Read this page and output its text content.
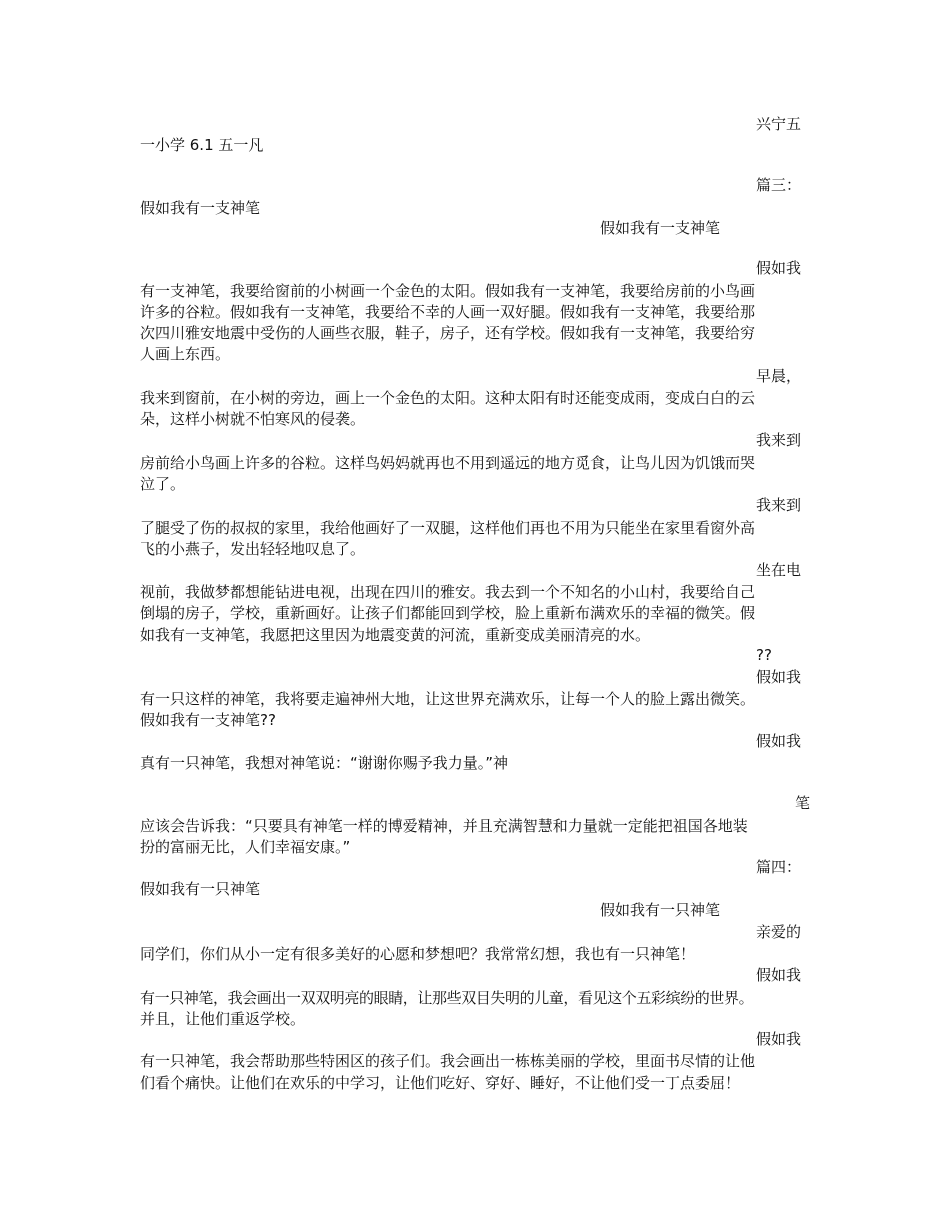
兴宁五

一小学 6.1 五一凡

篇三：

假如我有一支神笔

假如我有一支神笔

假如我

有一支神笔，我要给窗前的小树画一个金色的太阳。假如我有一支神笔，我要给房前的小鸟画

许多的谷粒。假如我有一支神笔，我要给不幸的人画一双好腿。假如我有一支神笔，我要给那

次四川雅安地震中受伤的人画些衣服，鞋子，房子，还有学校。假如我有一支神笔，我要给穷

人画上东西。

早晨，

我来到窗前，在小树的旁边，画上一个金色的太阳。这种太阳有时还能变成雨，变成白白的云

朵，这样小树就不怕寒风的侵袭。

我来到

房前给小鸟画上许多的谷粒。这样鸟妈妈就再也不用到遥远的地方觅食，让鸟儿因为饥饿而哭

泣了。

我来到

了腿受了伤的叔叔的家里，我给他画好了一双腿，这样他们再也不用为只能坐在家里看窗外高

飞的小燕子，发出轻轻地叹息了。

坐在电

视前，我做梦都想能钻进电视，出现在四川的雅安。我去到一个不知名的小山村，我要给自己

倒塌的房子，学校，重新画好。让孩子们都能回到学校，脸上重新布满欢乐的幸福的微笑。假

如我有一支神笔，我愿把这里因为地震变黄的河流，重新变成美丽清亮的水。

??

假如我

有一只这样的神笔，我将要走遍神州大地，让这世界充满欢乐，让每一个人的脸上露出微笑。

假如我有一支神笔??

假如我

真有一只神笔，我想对神笔说：“谢谢你赐予我力量。”神

笔

应该会告诉我：“只要具有神笔一样的博爱精神，并且充满智慧和力量就一定能把祖国各地装

扮的富丽无比，人们幸福安康。”

篇四：

假如我有一只神笔

假如我有一只神笔

亲爱的

同学们，你们从小一定有很多美好的心愿和梦想吧？我常常幻想，我也有一只神笔！

假如我

有一只神笔，我会画出一双双明亮的眼睛，让那些双目失明的儿童，看见这个五彩缤纷的世界。

并且，让他们重返学校。

假如我

有一只神笔，我会帮助那些特困区的孩子们。我会画出一栋栋美丽的学校，里面书尽情的让他

们看个痛快。让他们在欢乐的中学习，让他们吃好、穿好、睡好，不让他们受一丁点委屈！
